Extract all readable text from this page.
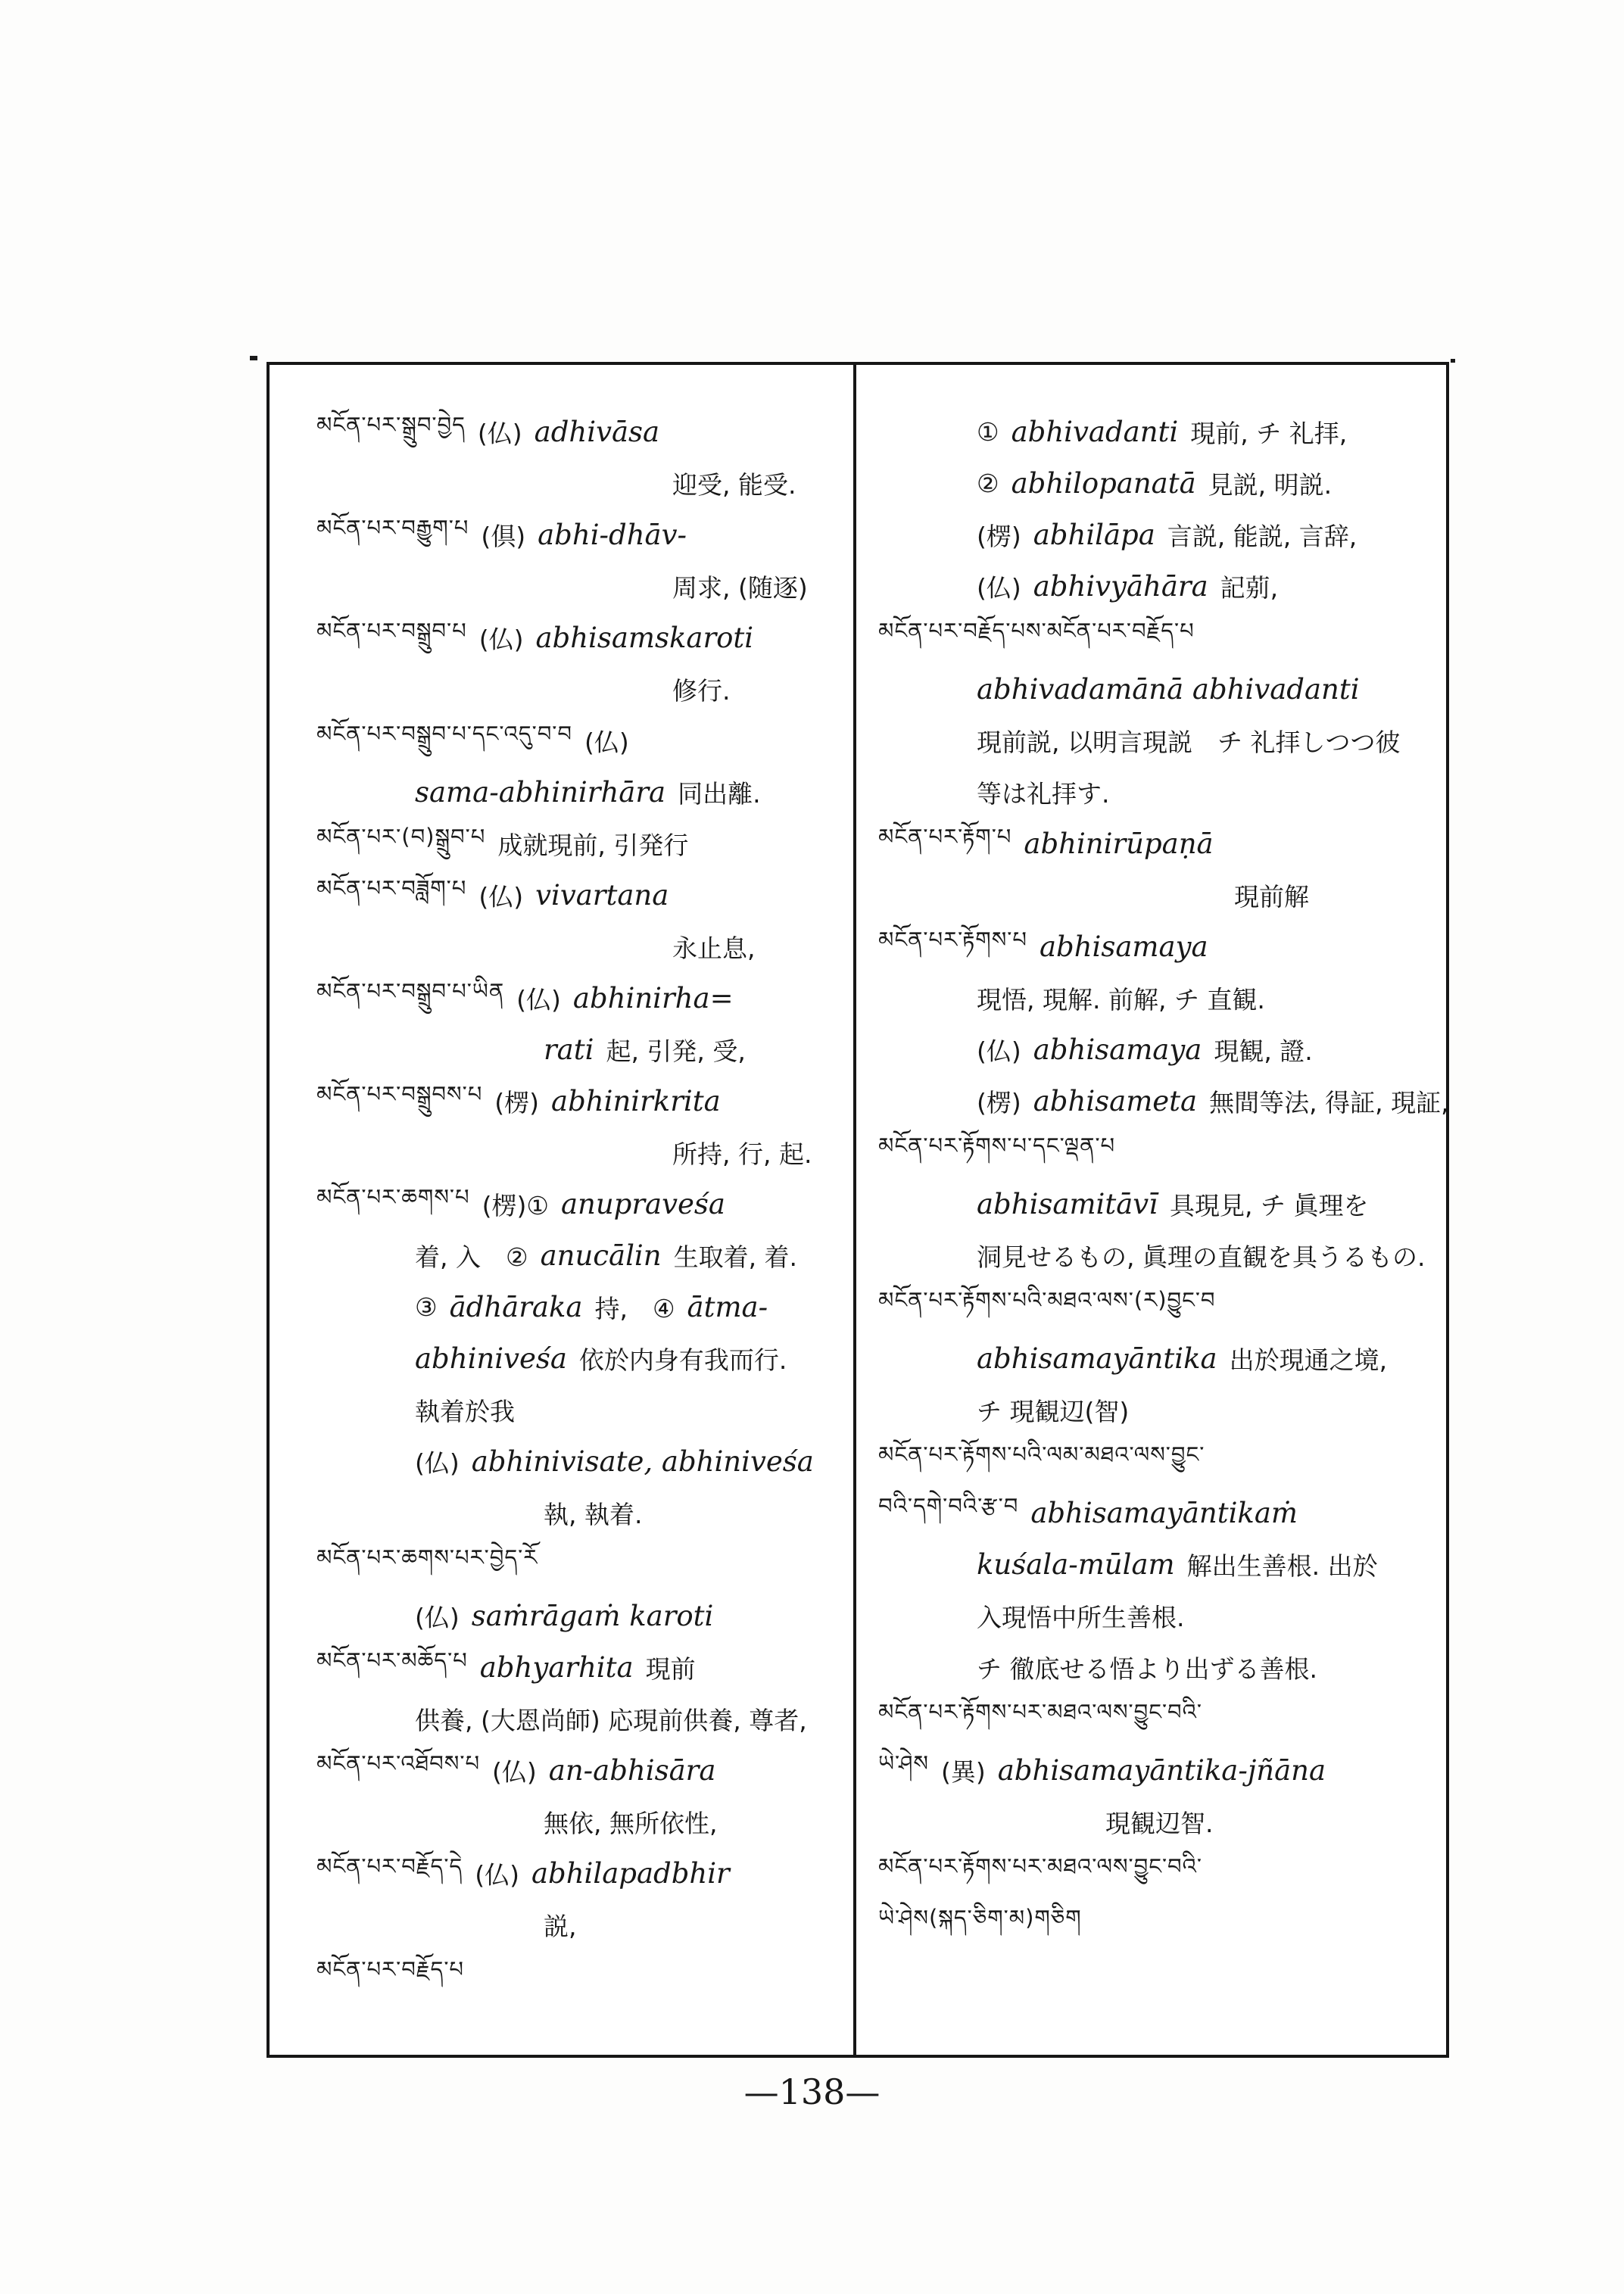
མངོན་པར་སྒྲུབ་བྱེད (仏) adhivāsa
迎受, 能受.
མངོན་པར་བརྒྱུག་པ (倶) abhi-dhāv-
周求, (随逐)
མངོན་པར་བསྒྲུབ་པ (仏) abhisamskaroti
修行.
མངོན་པར་བསྒྲུབ་པ་དང་འདུ་བ་བ (仏)
sama-abhinirhāra 同出離.
མངོན་པར་(བ)སྒྲུབ་པ 成就現前, 引発行
མངོན་པར་བཟློག་པ (仏) vivartana
永止息,
མངོན་པར་བསྒྲུབ་པ་ཡིན (仏) abhinirha=
rati 起, 引発, 受,
མངོན་པར་བསྒྲུབས་པ (楞) abhinirkrita
所持, 行, 起.
མངོན་པར་ཆགས་པ (楞)① anupraveśa
着, 入　② anucālin 生取着, 着.
③ ādhāraka 持,　④ ātma-
abhiniveśa 依於内身有我而行.
執着於我
(仏) abhinivisate, abhiniveśa
執, 執着.
མངོན་པར་ཆགས་པར་བྱེད་རོ
(仏) saṁrāgaṁ karoti
མངོན་པར་མཆོད་པ abhyarhita 現前
供養, (大恩尚師) 応現前供養, 尊者,
མངོན་པར་འཐོབས་པ (仏) an-abhisāra
無依, 無所依性,
མངོན་པར་བརྗོད་དེ (仏) abhilapadbhir
説,
མངོན་པར་བརྗོད་པ
① abhivadanti 現前, チ 礼拝,
② abhilopanatā 見説, 明説.
(楞) abhilāpa 言説, 能説, 言辞,
(仏) abhivyāhāra 記莂,
མངོན་པར་བརྗོད་པས་མངོན་པར་བརྗོད་པ
abhivadamānā abhivadanti
現前説, 以明言現説　チ 礼拝しつつ彼
等は礼拝す.
མངོན་པར་རྟོག་པ abhinirūpaṇā
現前解
མངོན་པར་རྟོགས་པ abhisamaya
現悟, 現解. 前解, チ 直観.
(仏) abhisamaya 現観, 證.
(楞) abhisameta 無間等法, 得証, 現証,
མངོན་པར་རྟོགས་པ་དང་ལྡན་པ
abhisamitāvī 具現見, チ 眞理を
洞見せるもの, 眞理の直観を具うるもの.
མངོན་པར་རྟོགས་པའི་མཐའ་ལས་(ར)བྱུང་བ
abhisamayāntika 出於現通之境,
チ 現観辺(智)
མངོན་པར་རྟོགས་པའི་ལམ་མཐའ་ལས་བྱུང་
བའི་དགེ་བའི་རྩ་བ abhisamayāntikaṁ
kuśala-mūlam 解出生善根. 出於
入現悟中所生善根.
チ 徹底せる悟より出ずる善根.
མངོན་པར་རྟོགས་པར་མཐའ་ལས་བྱུང་བའི་
ཡེ་ཤེས (異) abhisamayāntika-jñāna
現観辺智.
མངོན་པར་རྟོགས་པར་མཐའ་ལས་བྱུང་བའི་
ཡེ་ཤེས(སྐད་ཅིག་མ)གཅིག
—138—
